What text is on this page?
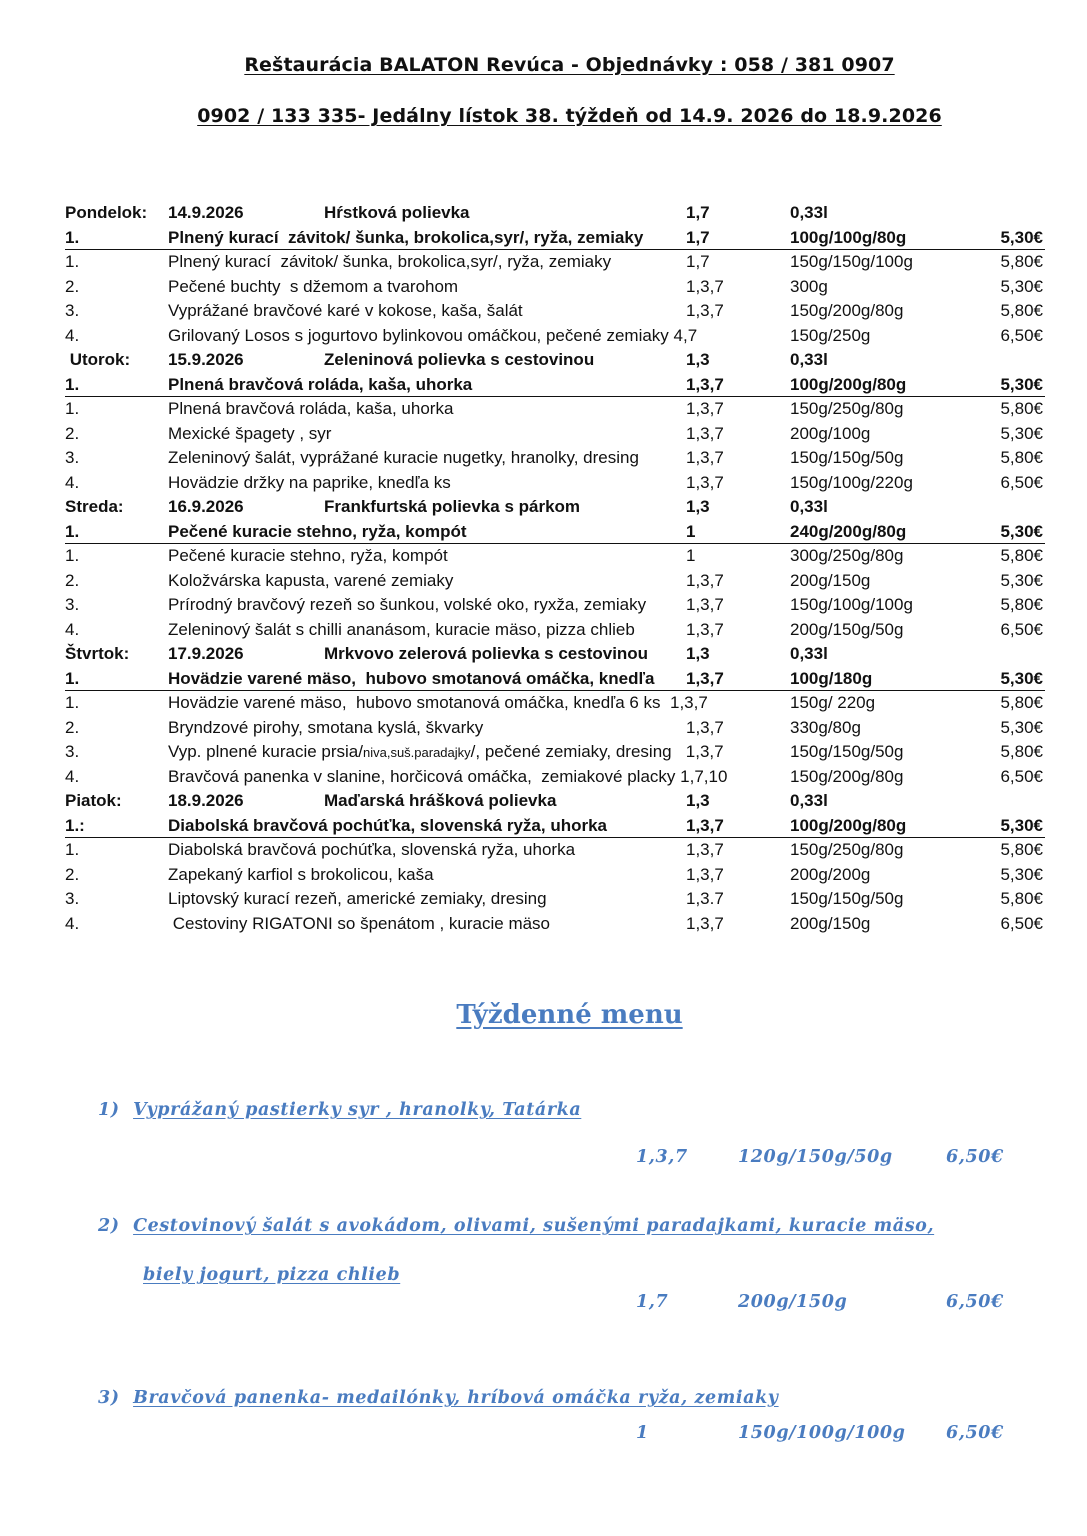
Reštaurácia BALATON Revúca - Objednávky : 058 / 381 0907
0902 / 133 335- Jedálny lístok 38. týždeň od 14.9. 2026 do 18.9.2026
Pondelok: 14.9.2026	Hŕstková polievka	1,7	0,33l
1.	Plnený kurací  závitok/ šunka, brokolica,syr/, ryža, zemiaky	1,7	100g/100g/80g	5,30€
1.	Plnený kurací  závitok/ šunka, brokolica,syr/, ryža, zemiaky	1,7	150g/150g/100g	5,80€
2.	Pečené buchty  s džemom a tvarohom	1,3,7	300g	5,30€
3.	Vyprážané bravčové karé v kokose, kaša, šalát	1,3,7	150g/200g/80g	5,80€
4.	Grilovaný Losos s jogurtovo bylinkovou omáčkou, pečené zemiaky 4,7	150g/250g	6,50€
Utorok: 15.9.2026	Zeleninová polievka s cestovinou	1,3	0,33l
1.	Plnená bravčová roláda, kaša, uhorka	1,3,7	100g/200g/80g	5,30€
1.	Plnená bravčová roláda, kaša, uhorka	1,3,7	150g/250g/80g	5,80€
2.	Mexické špagety , syr	1,3,7	200g/100g	5,30€
3.	Zeleninový šalát, vyprážané kuracie nugetky, hranolky, dresing	1,3,7	150g/150g/50g	5,80€
4.	Hovädzie držky na paprike, knedľa ks	1,3,7	150g/100g/220g	6,50€
Streda:	16.9.2026	Frankfurtská polievka s párkom	1,3	0,33l
1.	Pečené kuracie stehno, ryža, kompót	1	240g/200g/80g	5,30€
1.	Pečené kuracie stehno, ryža, kompót	1	300g/250g/80g	5,80€
2.	Koložvárska kapusta, varené zemiaky	1,3,7	200g/150g	5,30€
3.	Prírodný bravčový rezeň so šunkou, volské oko, ryxža, zemiaky 1,3,7	150g/100g/100g	5,80€
4.	Zeleninový šalát s chilli ananásom, kuracie mäso, pizza chlieb	1,3,7	200g/150g/50g	6,50€
Štvrtok: 17.9.2026	Mrkvovo zelerová polievka s cestovinou 1,3	0,33l
1.	Hovädzie varené mäso,  hubovo smotanová omáčka, knedľa 1,3,7	100g/180g	5,30€
1.	Hovädzie varené mäso,  hubovo smotanová omáčka, knedľa 6 ks  1,3,7	150g/ 220g	5,80€
2.	Bryndzové pirohy, smotana kyslá, škvarky	1,3,7	330g/80g	5,30€
3.	Vyp. plnené kuracie prsia/niva,suš.paradajky/, pečené zemiaky, dresing   1,3,7	150g/150g/50g	5,80€
4.	Bravčová panenka v slanine, horčicová omáčka,  zemiakové placky 1,7,10	150g/200g/80g	6,50€
Piatok:	18.9.2026	Maďarská hrášková polievka	1,3	0,33l
1.:	Diabolská bravčová pochúťka, slovenská ryža, uhorka	1,3,7	100g/200g/80g	5,30€
1.	Diabolská bravčová pochúťka, slovenská ryža, uhorka	1,3,7	150g/250g/80g	5,80€
2.	Zapekaný karfiol s brokolicou, kaša	1,3,7	200g/200g	5,30€
3.	Liptovský kurací rezeň, americké zemiaky, dresing	1,3.7	150g/150g/50g	5,80€
4.	Cestoviny RIGATONI so špenátom , kuracie mäso	1,3,7	200g/150g	6,50€
Týždenné menu
1) Vyprážaný pastierky syr , hranolky, Tatárka
1,3,7	120g/150g/50g	6,50€
2)  Cestovinový šalát s avokádom, olivami, sušenými paradajkami, kuracie mäso,
biely jogurt, pizza chlieb
1,7	200g/150g	6,50€
3)  Bravčová panenka- medailónky, hríbová omáčka ryža, zemiaky
1	150g/100g/100g 6,50€
